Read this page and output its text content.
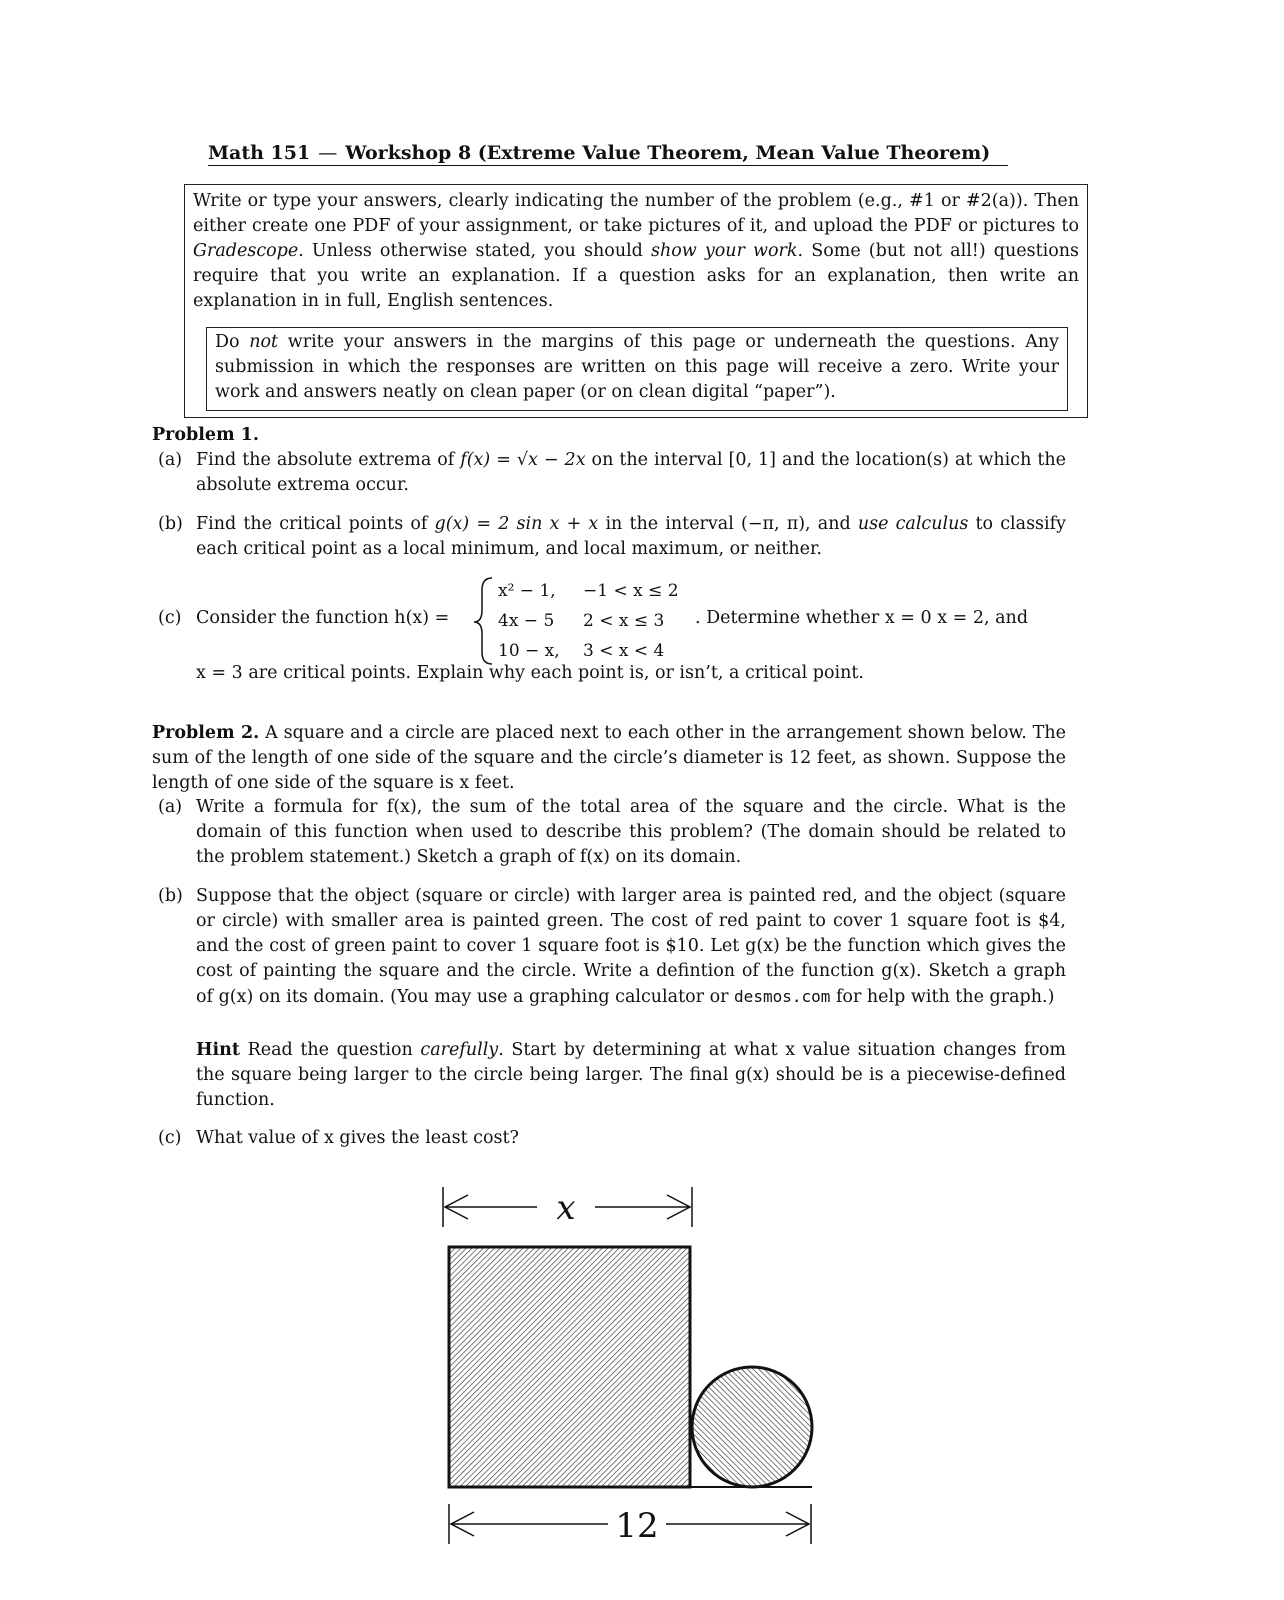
Math 151 — Workshop 8 (Extreme Value Theorem, Mean Value Theorem)

Write or type your answers, clearly indicating the number of the problem (e.g., #1 or #2(a)). Then either create one PDF of your assignment, or take pictures of it, and upload the PDF or pictures to Gradescope. Unless otherwise stated, you should show your work. Some (but not all!) questions require that you write an explanation. If a question asks for an explanation, then write an explanation in in full, English sentences.

Do not write your answers in the margins of this page or underneath the questions. Any submission in which the responses are written on this page will receive a zero. Write your work and answers neatly on clean paper (or on clean digital “paper”).

Problem 1.
(a) Find the absolute extrema of f(x) = √x − 2x on the interval [0, 1] and the location(s) at which the absolute extrema occur.
(b) Find the critical points of g(x) = 2 sin x + x in the interval (−π, π), and use calculus to classify each critical point as a local minimum, and local maximum, or neither.
(c) Consider the function h(x) =
x² − 1, −1 < x ≤ 2
4x − 5 2 < x ≤ 3
10 − x, 3 < x < 4
. Determine whether x = 0 x = 2, and
x = 3 are critical points. Explain why each point is, or isn’t, a critical point.
Problem 2. A square and a circle are placed next to each other in the arrangement shown below. The sum of the length of one side of the square and the circle’s diameter is 12 feet, as shown. Suppose the length of one side of the square is x feet.
(a) Write a formula for f(x), the sum of the total area of the square and the circle. What is the domain of this function when used to describe this problem? (The domain should be related to the problem statement.) Sketch a graph of f(x) on its domain.
(b) Suppose that the object (square or circle) with larger area is painted red, and the object (square or circle) with smaller area is painted green. The cost of red paint to cover 1 square foot is $4, and the cost of green paint to cover 1 square foot is $10. Let g(x) be the function which gives the cost of painting the square and the circle. Write a defintion of the function g(x). Sketch a graph of g(x) on its domain. (You may use a graphing calculator or desmos.com for help with the graph.)
Hint Read the question carefully. Start by determining at what x value situation changes from the square being larger to the circle being larger. The final g(x) should be is a piecewise-defined function.
(c) What value of x gives the least cost?
x
12
